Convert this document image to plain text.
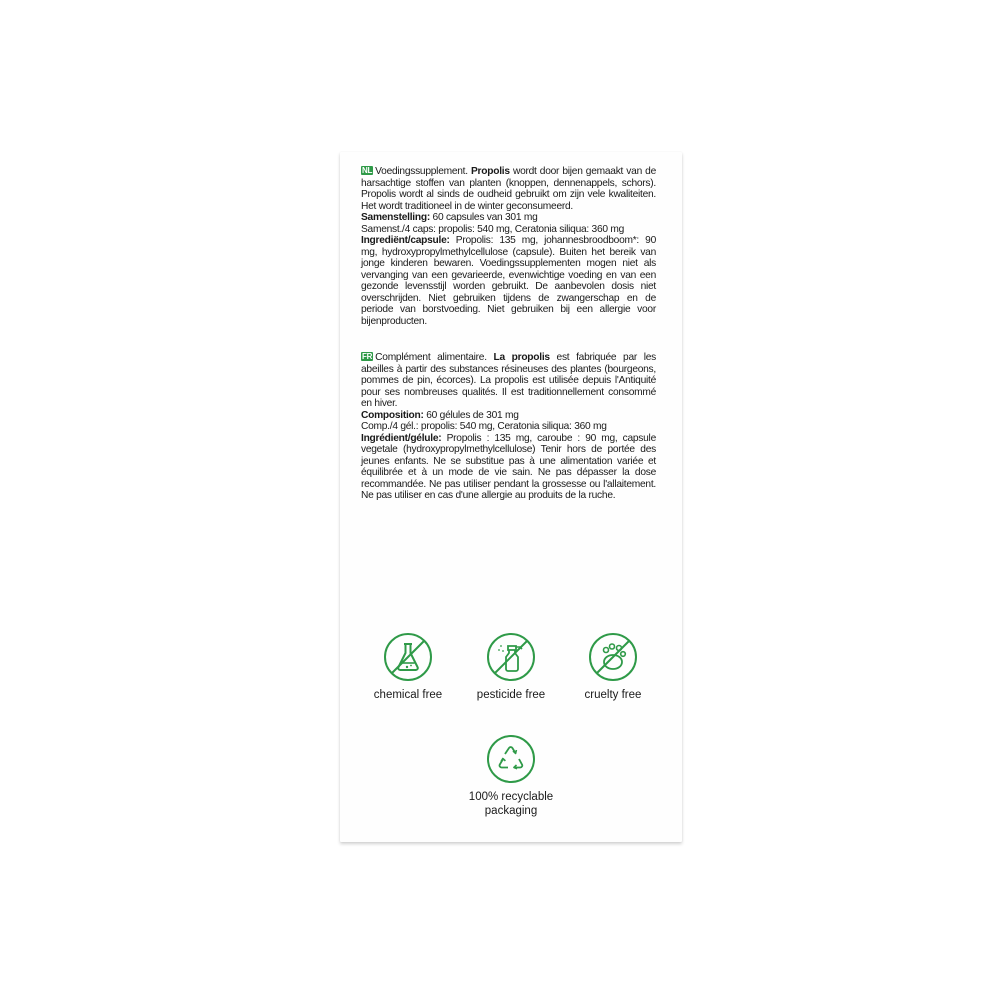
NL Voedingssupplement. Propolis wordt door bijen gemaakt van de harsachtige stoffen van planten (knoppen, dennenappels, schors). Propolis wordt al sinds de oudheid gebruikt om zijn vele kwaliteiten. Het wordt traditioneel in de winter geconsumeerd.

Samenstelling: 60 capsules van 301 mg

Samenst./4 caps: propolis: 540 mg, Ceratonia siliqua: 360 mg

Ingrediënt/capsule: Propolis: 135 mg, johannesbroodboom*: 90 mg, hydroxypropylmethylcellulose (capsule). Buiten het bereik van jonge kinderen bewaren. Voedingssupplementen mogen niet als vervanging van een gevarieerde, evenwichtige voeding en van een gezonde levensstijl worden gebruikt. De aanbevolen dosis niet overschrijden. Niet gebruiken tijdens de zwangerschap en de periode van borstvoeding. Niet gebruiken bij een allergie voor bijenproducten.

FR Complément alimentaire. La propolis est fabriquée par les abeilles à partir des substances résineuses des plantes (bourgeons, pommes de pin, écorces). La propolis est utilisée depuis l'Antiquité pour ses nombreuses qualités. Il est traditionnellement consommé en hiver.

Composition: 60 gélules de 301 mg

Comp./4 gél.: propolis: 540 mg, Ceratonia siliqua: 360 mg

Ingrédient/gélule: Propolis : 135 mg, caroube : 90 mg, capsule vegetale (hydroxypropylmethylcellulose) Tenir hors de portée des jeunes enfants. Ne se substitue pas à une alimentation variée et équilibrée et à un mode de vie sain. Ne pas dépasser la dose recommandée. Ne pas utiliser pendant la grossesse ou l'allaitement. Ne pas utiliser en cas d'une allergie au produits de la ruche.

chemical free	pesticide free	cruelty free
100% recyclable
packaging
